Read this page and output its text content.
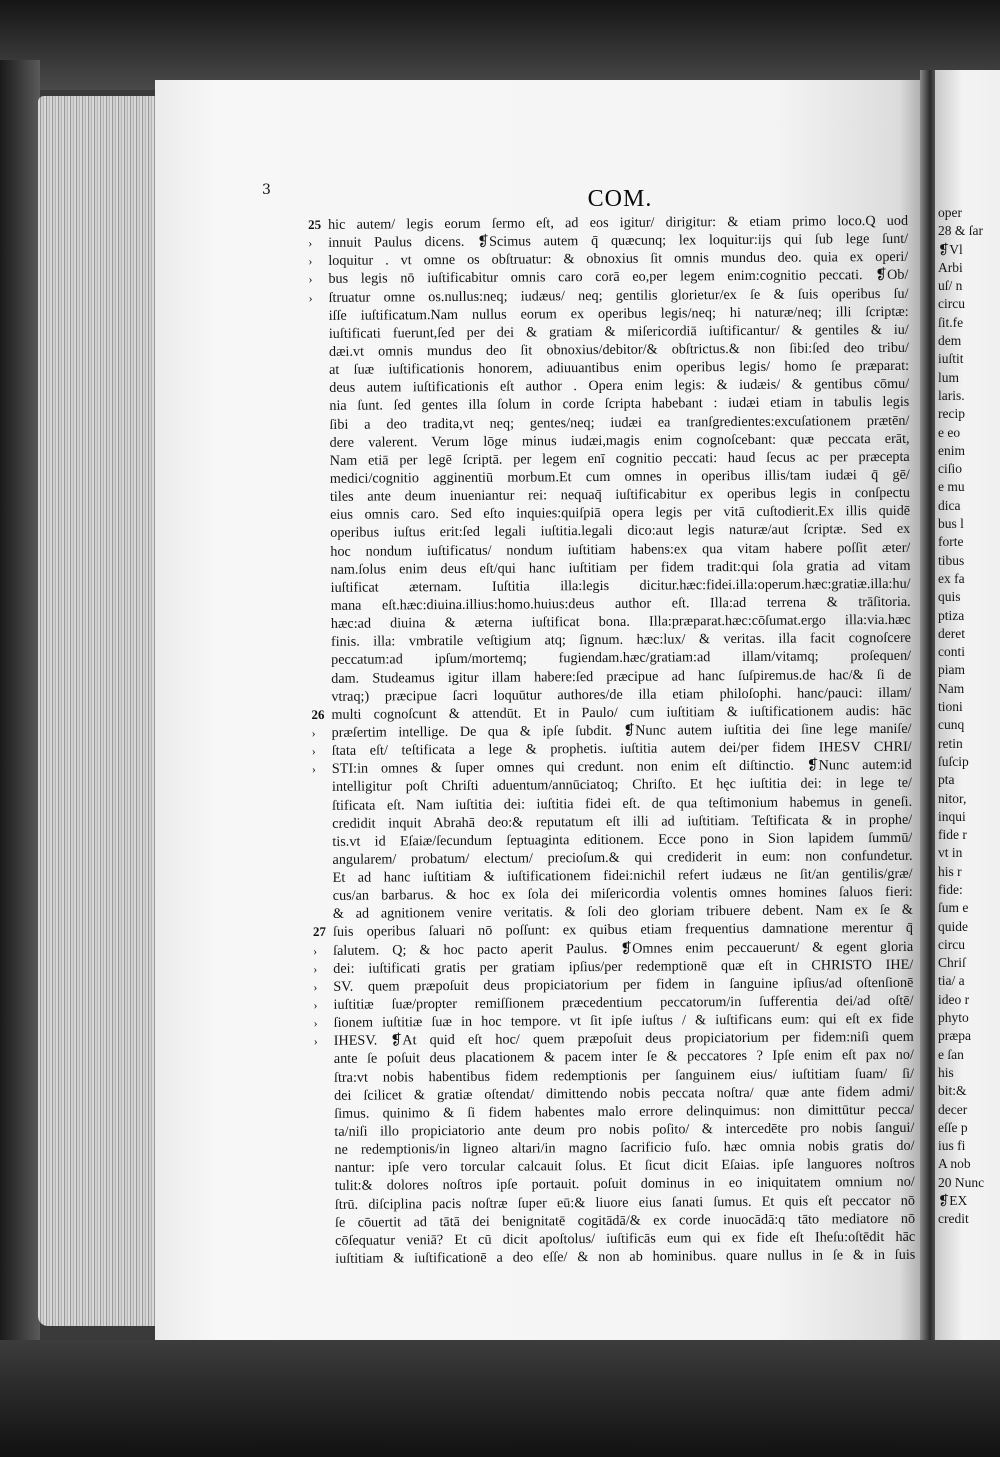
3	COM.
25 hic autem/ legis eorum ſermo eſt, ad eos igitur/ dirigitur: & etiam primo loco.Q uod
›	innuit Paulus dicens. ❡Scimus autem q̄ quæcunq; lex loquitur:ijs qui ſub lege ſunt/
›	loquitur . vt omne os obſtruatur: & obnoxius ſit omnis mundus deo. quia ex operi/
›	bus legis nō iuſtificabitur omnis caro corā eo,per legem enim:cognitio peccati. ❡Ob/
›	ſtruatur omne os.nullus:neq; iudæus/ neq; gentilis glorietur/ex ſe & ſuis operibus ſu/
iſſe iuſtificatum.Nam nullus eorum ex operibus legis/neq; hi naturæ/neq; illi ſcriptæ:
iuſtificati fuerunt,ſed per dei & gratiam & miſericordiā iuſtificantur/ & gentiles & iu/
dæi.vt omnis mundus deo ſit obnoxius/debitor/& obſtrictus.& non ſibi:ſed deo tribu/
at ſuæ iuſtificationis honorem, adiuuantibus enim operibus legis/ homo ſe præparat:
deus autem iuſtificationis eſt author . Opera enim legis: & iudæis/ & gentibus cōmu/
nia ſunt. ſed gentes illa ſolum in corde ſcripta habebant : iudæi etiam in tabulis legis
ſibi a deo tradita,vt neq; gentes/neq; iudæi ea tranſgredientes:excuſationem prætēn/
dere valerent. Verum lōge minus iudæi,magis enim cognoſcebant: quæ peccata erāt,
Nam etiā per legē ſcriptā. per legem enī cognitio peccati: haud ſecus ac per præcepta
medici/cognitio agginentiū morbum.Et cum omnes in operibus illis/tam iudæi q̄ gē/
tiles ante deum inueniantur rei: nequaq̄ iuſtificabitur ex operibus legis in conſpectu
eius omnis caro. Sed eſto inquies:quiſpiā opera legis per vitā cuſtodierit.Ex illis quidē
operibus iuſtus erit:ſed legali iuſtitia.legali dico:aut legis naturæ/aut ſcriptæ. Sed ex
hoc nondum iuſtificatus/ nondum iuſtitiam habens:ex qua vitam habere poſſit æter/
nam.ſolus enim deus eſt/qui hanc iuſtitiam per fidem tradit:qui ſola gratia ad vitam
iuſtificat æternam. Iuſtitia illa:legis dicitur.hæc:fidei.illa:operum.hæc:gratiæ.illa:hu/
mana eſt.hæc:diuina.illius:homo.huius:deus author eſt. Illa:ad terrena & trāſitoria.
hæc:ad diuina & æterna iuſtificat bona. Illa:præparat.hæc:cōſumat.ergo illa:via.hæc
finis. illa: vmbratile veſtigium atq; ſignum. hæc:lux/ & veritas. illa facit cognoſcere
peccatum:ad ipſum/mortemq; fugiendam.hæc/gratiam:ad illam/vitamq; proſequen/
dam. Studeamus igitur illam habere:ſed præcipue ad hanc ſuſpiremus.de hac/& ſi de
vtraq;) præcipue ſacri loquūtur authores/de illa etiam philoſophi. hanc/pauci: illam/
26 multi cognoſcunt & attendūt. Et in Paulo/ cum iuſtitiam & iuſtificationem audis: hāc
›	præſertim intellige. De qua & ipſe ſubdit. ❡Nunc autem iuſtitia dei ſine lege maniſe/
›	ſtata eſt/ teſtificata a lege & prophetis. iuſtitia autem dei/per fidem IHESV CHRI/
›	STI:in omnes & ſuper omnes qui credunt. non enim eſt diſtinctio. ❡Nunc autem:id
intelligitur poſt Chriſti aduentum/annūciatoq; Chriſto. Et hęc iuſtitia dei: in lege te/
ſtificata eſt. Nam iuſtitia dei: iuſtitia fidei eſt. de qua teſtimonium habemus in geneſi.
credidit inquit Abrahā deo:& reputatum eſt illi ad iuſtitiam. Teſtificata & in prophe/
tis.vt id Eſaiæ/ſecundum ſeptuaginta editionem. Ecce pono in Sion lapidem ſummū/
angularem/ probatum/ electum/ precioſum.& qui crediderit in eum: non confundetur.
Et ad hanc iuſtitiam & iuſtificationem fidei:nichil refert iudæus ne ſit/an gentilis/græ/
cus/an barbarus. & hoc ex ſola dei miſericordia volentis omnes homines ſaluos fieri:
& ad agnitionem venire veritatis. & ſoli deo gloriam tribuere debent. Nam ex ſe &
27 ſuis operibus ſaluari nō poſſunt: ex quibus etiam frequentius damnatione merentur q̄
›	ſalutem. Q; & hoc pacto aperit Paulus. ❡Omnes enim peccauerunt/ & egent gloria
›	dei: iuſtificati gratis per gratiam ipſius/per redemptionē quæ eſt in CHRISTO IHE/
›	SV. quem præpoſuit deus propiciatorium per fidem in ſanguine ipſius/ad oſtenſionē
›	iuſtitiæ ſuæ/propter remiſſionem præcedentium peccatorum/in ſufferentia dei/ad oſtē/
›	ſionem iuſtitiæ ſuæ in hoc tempore. vt ſit ipſe iuſtus / & iuſtificans eum: qui eſt ex fide
›	IHESV. ❡At quid eſt hoc/ quem præpoſuit deus propiciatorium per fidem:niſi quem
ante ſe poſuit deus placationem & pacem inter ſe & peccatores ? Ipſe enim eſt pax no/
ſtra:vt nobis habentibus fidem redemptionis per ſanguinem eius/ iuſtitiam ſuam/ ſi/
dei ſcilicet & gratiæ oſtendat/ dimittendo nobis peccata noſtra/ quæ ante fidem admi/
ſimus. quinimo & ſi fidem habentes malo errore delinquimus: non dimittūtur pecca/
ta/niſi illo propiciatorio ante deum pro nobis poſito/ & intercedēte pro nobis ſangui/
ne redemptionis/in ligneo altari/in magno ſacrificio fuſo. hæc omnia nobis gratis do/
nantur: ipſe vero torcular calcauit ſolus. Et ſicut dicit Eſaias. ipſe languores noſtros
tulit:& dolores noſtros ipſe portauit. poſuit dominus in eo iniquitatem omnium no/
ſtrū. diſciplina pacis noſtræ ſuper eū:& liuore eius ſanati ſumus. Et quis eſt peccator nō
ſe cōuertit ad tātā dei benignitatē cogitādā/& ex corde inuocādā:q tāto mediatore nō
cōſequatur veniā? Et cū dicit apoſtolus/ iuſtificās eum qui ex fide eſt Iheſu:oſtēdit hāc
iuſtitiam & iuſtificationē a deo eſſe/ & non ab hominibus. quare nullus in ſe & in ſuis
oper
28 & ſar
❡Vl
Arbi
uſ/ n
circu
ſit.fe
dem
iuſtit
lum
laris.
recip
e eo
enim
ciſio
e mu
dica
bus l
forte
tibus
ex fa
quis
ptiza
deret
conti
piam
Nam
tioni
cunq
retin
ſuſcip
pta
nitor,
inqui
fide r
vt in
his r
fide:
ſum e
quide
circu
Chriſ
tia/ a
ideo r
phyto
præpa
e ſan
his
bit:&
decer
eſſe p
ius fi
A nob
20 Nunc
❡EX
credit
